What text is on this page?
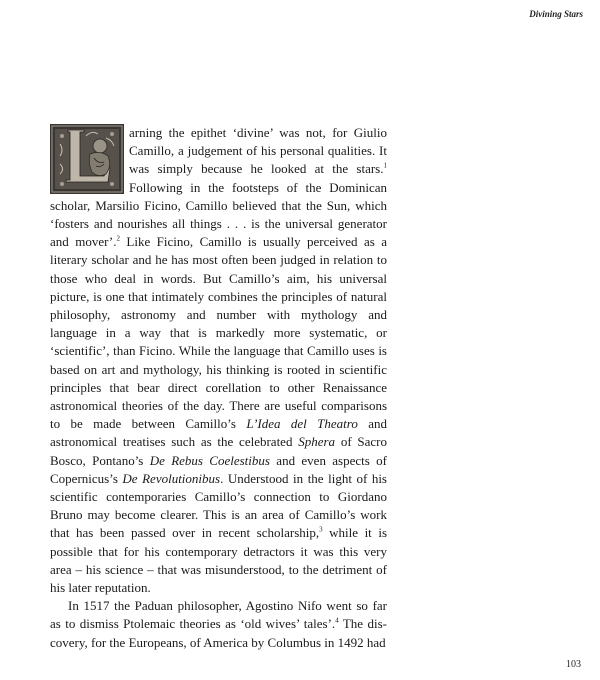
Divining Stars

arning the epithet ‘divine’ was not, for Giulio Camillo, a judgement of his personal qualities. It was simply because he looked at the stars.$^1$ Following in the footsteps of the Dominican scholar, Marsilio Ficino, Camillo believed that the Sun, which ‘fosters and nourishes all things . . . is the universal generator and mover’.$^2$ Like Ficino, Camillo is usually perceived as a literary scholar and he has most often been judged in relation to those who deal in words. But Camillo’s aim, his universal picture, is one that intimately combines the principles of natural philosophy, astronomy and number with mythology and language in a way that is markedly more systematic, or ‘scientific’, than Ficino. While the language that Camillo uses is based on art and mythology, his thinking is rooted in scientific principles that bear direct corellation to other Renaissance astronomical theories of the day. There are useful comparisons to be made between Camillo’s L’Idea del Theatro and astronomical treatises such as the celebrated Sphera of Sacro Bosco, Pontano’s De Rebus Coelestibus and even aspects of Copernicus’s De Revolutionibus. Understood in the light of his scientific contemporaries Camillo’s connection to Giordano Bruno may become clearer. This is an area of Camillo’s work that has been passed over in recent scholarship,$^3$ while it is possible that for his contemporary detractors it was this very area – his science – that was misunderstood, to the detriment of his later reputation.

In 1517 the Paduan philosopher, Agostino Nifo went so far as to dismiss Ptolemaic theories as ‘old wives’ tales’.$^4$ The discovery, for the Europeans, of America by Columbus in 1492 had

103
